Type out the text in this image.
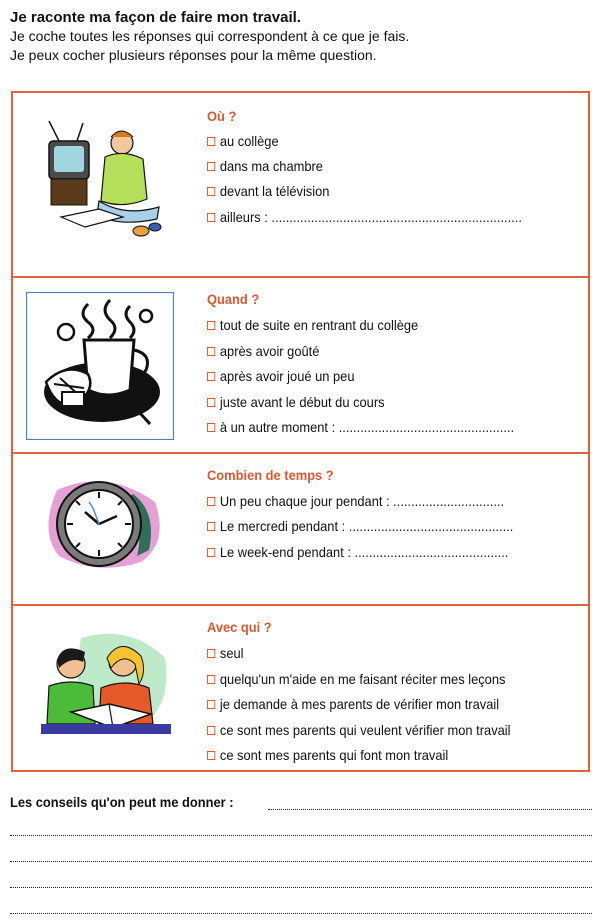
Je raconte ma façon de faire mon travail.
Je coche toutes les réponses qui correspondent à ce que je fais.
Je peux cocher plusieurs réponses pour la même question.
Où ?
au collège
dans ma chambre
devant la télévision
ailleurs : ......................................................................
Quand ?
tout de suite en rentrant du collège
après avoir goûté
après avoir joué un peu
juste avant le début du cours
à un autre moment : .................................................
Combien de temps ?
Un peu chaque jour pendant : ...............................
Le mercredi pendant : ..............................................
Le week-end pendant : ...........................................
Avec qui ?
seul
quelqu'un m'aide en me faisant réciter mes leçons
je demande à mes parents de vérifier mon travail
ce sont mes parents qui veulent vérifier mon travail
ce sont mes parents qui font mon travail
Les conseils qu'on peut me donner :
